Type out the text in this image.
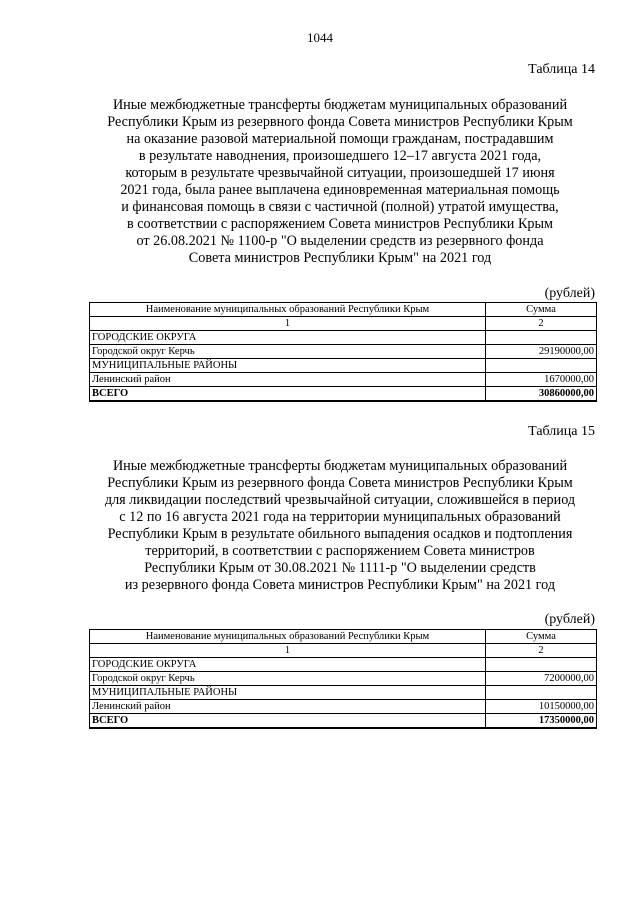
1044
Таблица 14
Иные межбюджетные трансферты бюджетам муниципальных образований
Республики Крым из резервного фонда Совета министров Республики Крым
на оказание разовой материальной помощи гражданам, пострадавшим
в результате наводнения, произошедшего 12–17 августа 2021 года,
которым в результате чрезвычайной ситуации, произошедшей 17 июня
2021 года, была ранее выплачена единовременная материальная помощь
и финансовая помощь в связи с частичной (полной) утратой имущества,
в соответствии с распоряжением Совета министров Республики Крым
от 26.08.2021 № 1100-р "О выделении средств из резервного фонда
Совета министров Республики Крым" на 2021 год
(рублей)
Наименование муниципальных образований Республики Крым	Сумма
1	2
ГОРОДСКИЕ ОКРУГА	
Городской округ Керчь	29190000,00
МУНИЦИПАЛЬНЫЕ РАЙОНЫ	
Ленинский район	1670000,00
ВСЕГО	30860000,00
Таблица 15
Иные межбюджетные трансферты бюджетам муниципальных образований
Республики Крым из резервного фонда Совета министров Республики Крым
для ликвидации последствий чрезвычайной ситуации, сложившейся в период
с 12 по 16 августа 2021 года на территории муниципальных образований
Республики Крым в результате обильного выпадения осадков и подтопления
территорий, в соответствии с распоряжением Совета министров
Республики Крым от 30.08.2021 № 1111-р "О выделении средств
из резервного фонда Совета министров Республики Крым" на 2021 год
(рублей)
Наименование муниципальных образований Республики Крым	Сумма
1	2
ГОРОДСКИЕ ОКРУГА	
Городской округ Керчь	7200000,00
МУНИЦИПАЛЬНЫЕ РАЙОНЫ	
Ленинский район	10150000,00
ВСЕГО	17350000,00
